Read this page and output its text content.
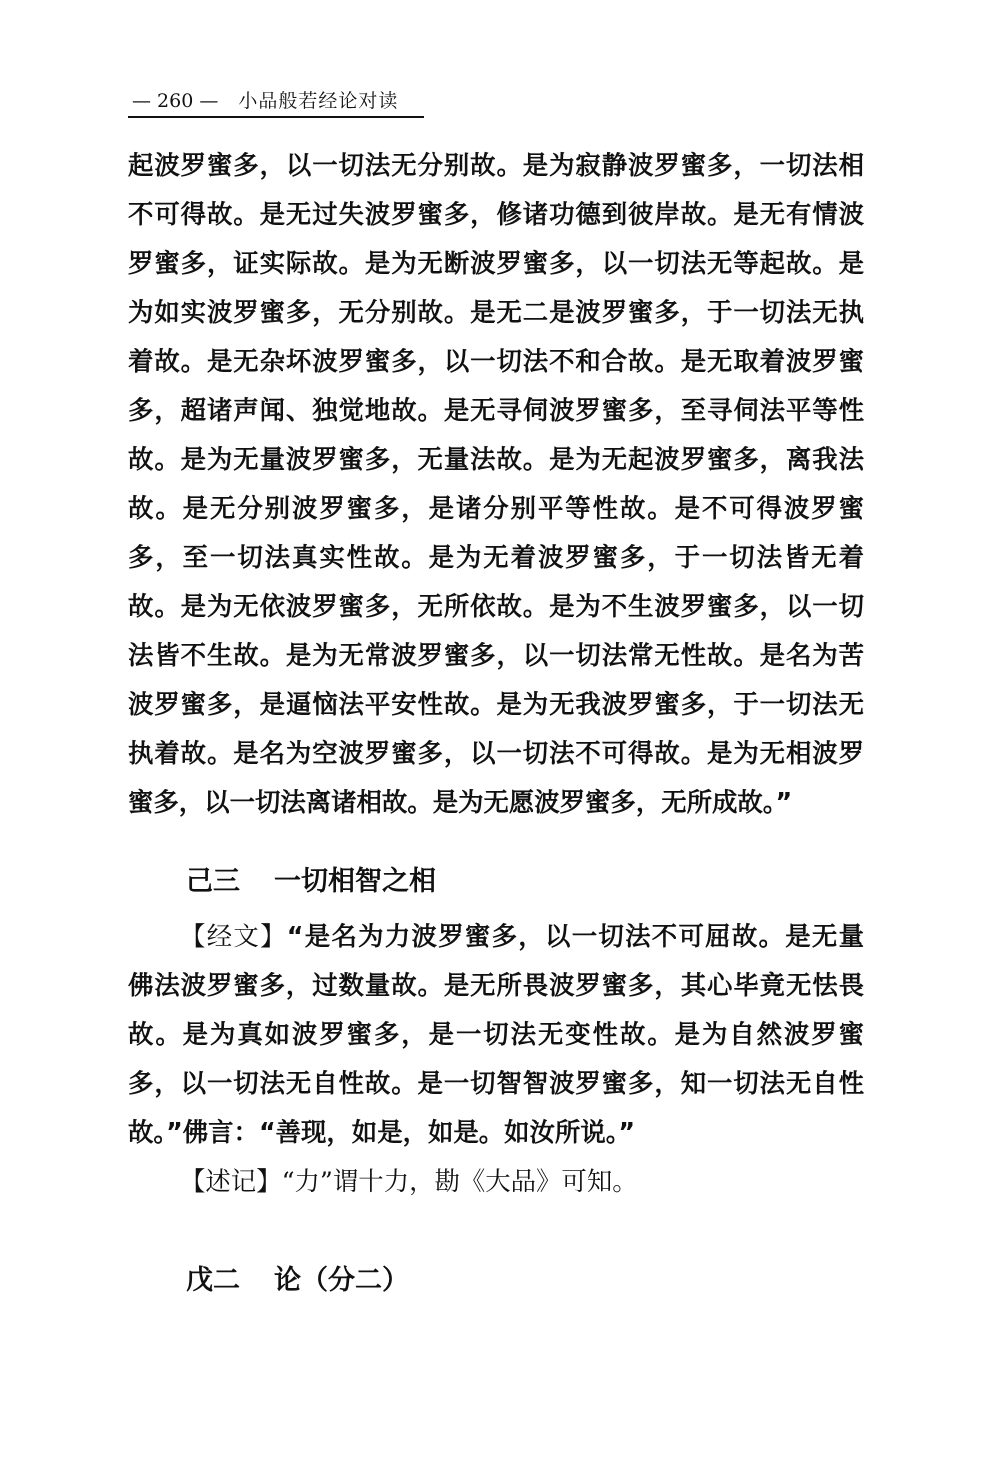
— 260 — 小品般若经论对读
起波罗蜜多，以一切法无分别故。是为寂静波罗蜜多，一切法相
不可得故。是无过失波罗蜜多，修诸功德到彼岸故。是无有情波
罗蜜多，证实际故。是为无断波罗蜜多，以一切法无等起故。是
为如实波罗蜜多，无分别故。是无二是波罗蜜多，于一切法无执
着故。是无杂坏波罗蜜多，以一切法不和合故。是无取着波罗蜜
多，超诸声闻、独觉地故。是无寻伺波罗蜜多，至寻伺法平等性
故。是为无量波罗蜜多，无量法故。是为无起波罗蜜多，离我法
故。是无分别波罗蜜多，是诸分别平等性故。是不可得波罗蜜
多，至一切法真实性故。是为无着波罗蜜多，于一切法皆无着
故。是为无依波罗蜜多，无所依故。是为不生波罗蜜多，以一切
法皆不生故。是为无常波罗蜜多，以一切法常无性故。是名为苦
波罗蜜多，是逼恼法平安性故。是为无我波罗蜜多，于一切法无
执着故。是名为空波罗蜜多，以一切法不可得故。是为无相波罗
蜜多，以一切法离诸相故。是为无愿波罗蜜多，无所成故。”
己三 一切相智之相
【经文】“是名为力波罗蜜多，以一切法不可屈故。是无量
佛法波罗蜜多，过数量故。是无所畏波罗蜜多，其心毕竟无怯畏
故。是为真如波罗蜜多，是一切法无变性故。是为自然波罗蜜
多，以一切法无自性故。是一切智智波罗蜜多，知一切法无自性
故。”佛言：“善现，如是，如是。如汝所说。”
【述记】“力”谓十力，勘《大品》可知。
戊二 论（分二）
